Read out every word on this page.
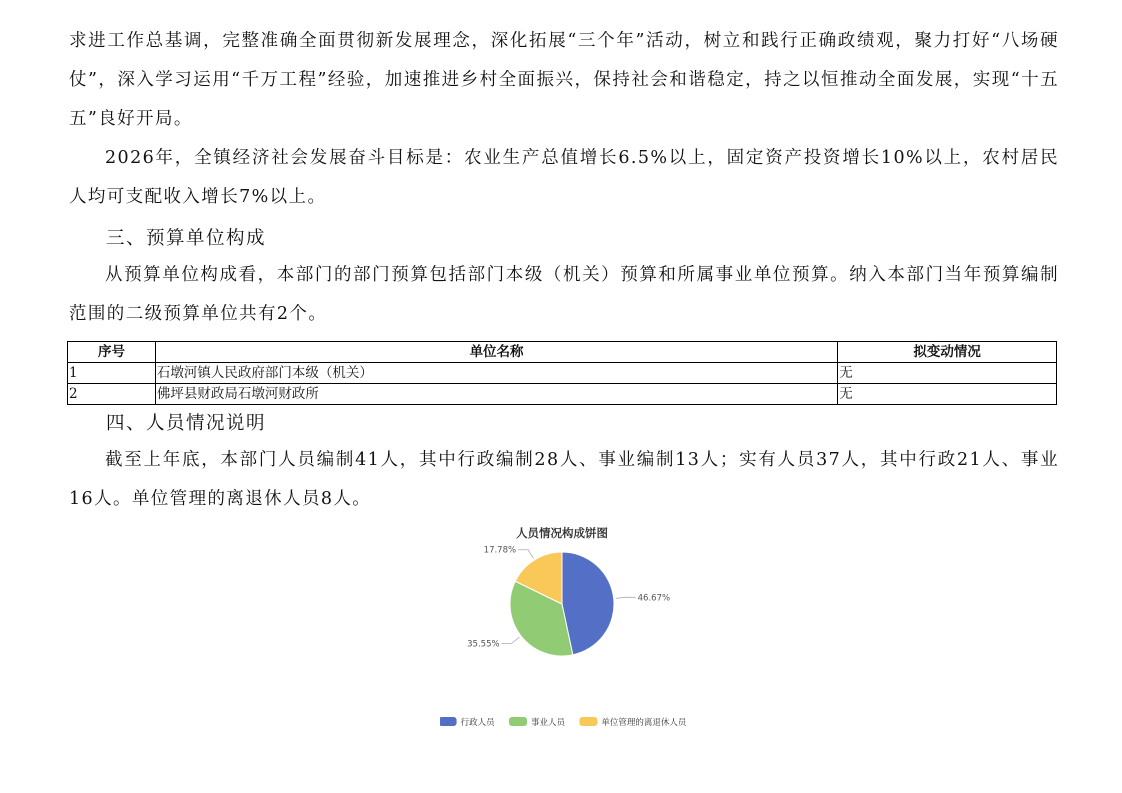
求进工作总基调，完整准确全面贯彻新发展理念，深化拓展“三个年”活动，树立和践行正确政绩观，聚力打好“八场硬仗”，深入学习运用“千万工程”经验，加速推进乡村全面振兴，保持社会和谐稳定，持之以恒推动全面发展，实现“十五五”良好开局。

2026年，全镇经济社会发展奋斗目标是：农业生产总值增长6.5%以上，固定资产投资增长10%以上，农村居民人均可支配收入增长7%以上。

三、预算单位构成

从预算单位构成看，本部门的部门预算包括部门本级（机关）预算和所属事业单位预算。纳入本部门当年预算编制范围的二级预算单位共有2个。

序号	单位名称	拟变动情况
1	石墩河镇人民政府部门本级（机关）	无
2	佛坪县财政局石墩河财政所	无
四、人员情况说明

截至上年底，本部门人员编制41人，其中行政编制28人、事业编制13人；实有人员37人，其中行政21人、事业16人。单位管理的离退休人员8人。

人员情况构成饼图
46.67%
35.55%
17.78%
行政人员	事业人员	单位管理的离退休人员
